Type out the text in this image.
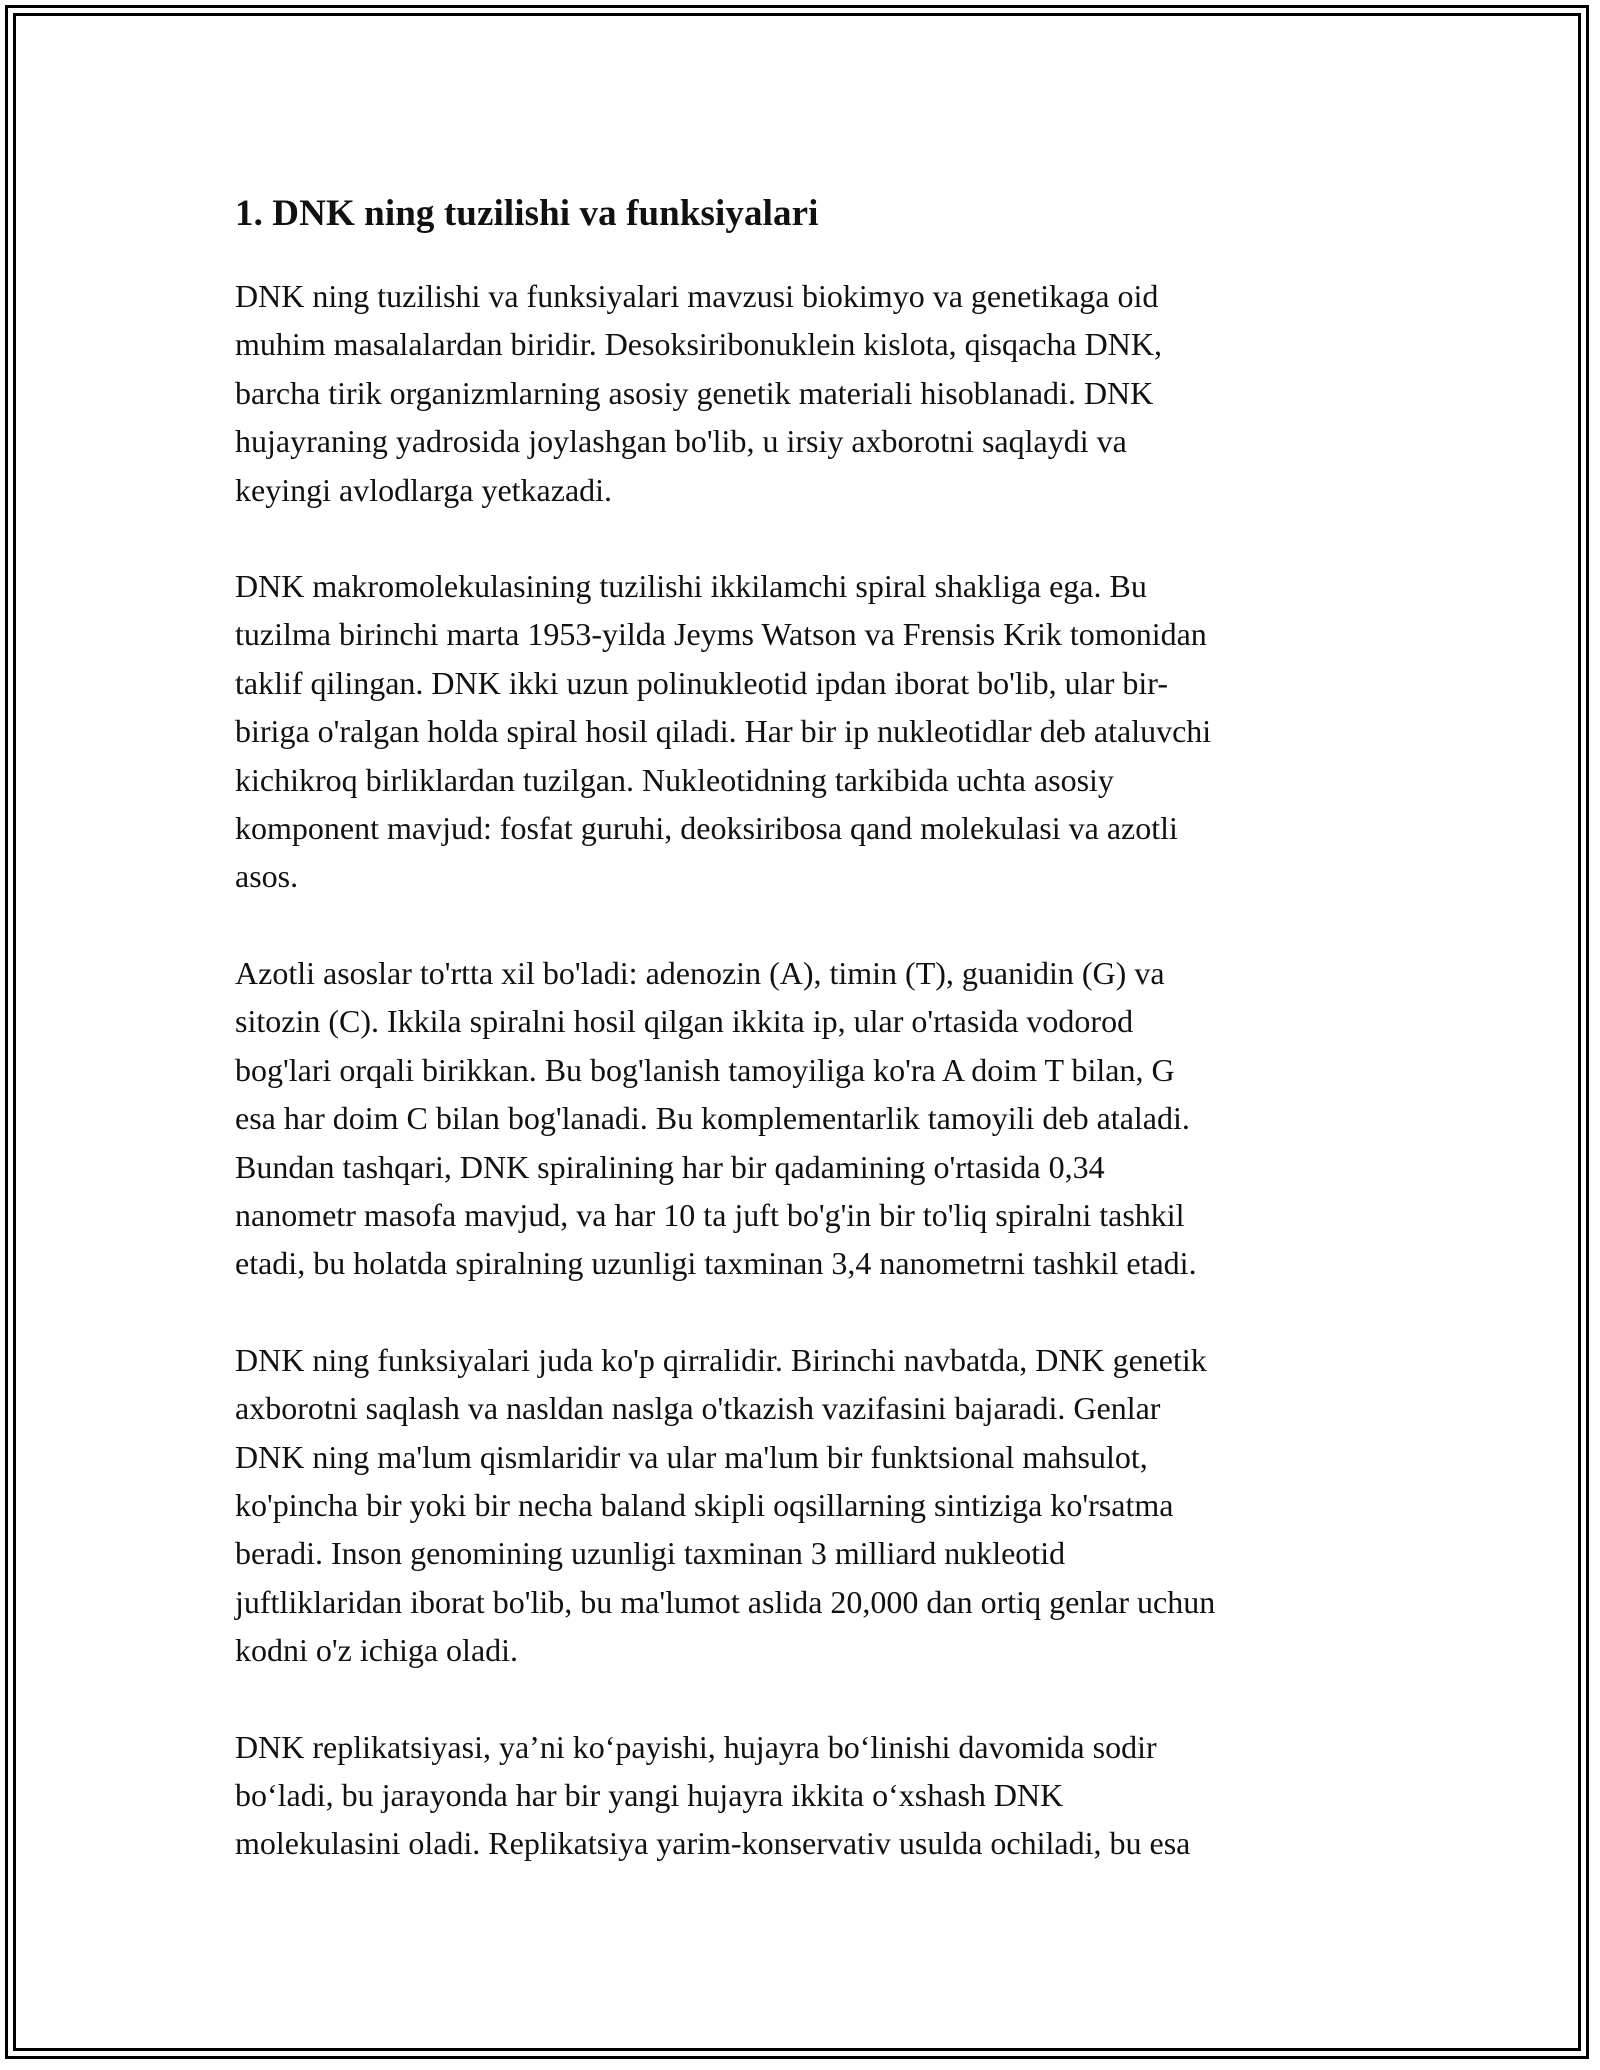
1. DNK ning tuzilishi va funksiyalari

DNK ning tuzilishi va funksiyalari mavzusi biokimyo va genetikaga oid
muhim masalalardan biridir. Desoksiribonuklein kislota, qisqacha DNK,
barcha tirik organizmlarning asosiy genetik materiali hisoblanadi. DNK
hujayraning yadrosida joylashgan bo'lib, u irsiy axborotni saqlaydi va
keyingi avlodlarga yetkazadi.

DNK makromolekulasining tuzilishi ikkilamchi spiral shakliga ega. Bu
tuzilma birinchi marta 1953-yilda Jeyms Watson va Frensis Krik tomonidan
taklif qilingan. DNK ikki uzun polinukleotid ipdan iborat bo'lib, ular bir-
biriga o'ralgan holda spiral hosil qiladi. Har bir ip nukleotidlar deb ataluvchi
kichikroq birliklardan tuzilgan. Nukleotidning tarkibida uchta asosiy
komponent mavjud: fosfat guruhi, deoksiribosa qand molekulasi va azotli
asos.

Azotli asoslar to'rtta xil bo'ladi: adenozin (A), timin (T), guanidin (G) va
sitozin (C). Ikkila spiralni hosil qilgan ikkita ip, ular o'rtasida vodorod
bog'lari orqali birikkan. Bu bog'lanish tamoyiliga ko'ra A doim T bilan, G
esa har doim C bilan bog'lanadi. Bu komplementarlik tamoyili deb ataladi.
Bundan tashqari, DNK spiralining har bir qadamining o'rtasida 0,34
nanometr masofa mavjud, va har 10 ta juft bo'g'in bir to'liq spiralni tashkil
etadi, bu holatda spiralning uzunligi taxminan 3,4 nanometrni tashkil etadi.

DNK ning funksiyalari juda ko'p qirralidir. Birinchi navbatda, DNK genetik
axborotni saqlash va nasldan naslga o'tkazish vazifasini bajaradi. Genlar
DNK ning ma'lum qismlaridir va ular ma'lum bir funktsional mahsulot,
ko'pincha bir yoki bir necha baland skipli oqsillarning sintiziga ko'rsatma
beradi. Inson genomining uzunligi taxminan 3 milliard nukleotid
juftliklaridan iborat bo'lib, bu ma'lumot aslida 20,000 dan ortiq genlar uchun
kodni o'z ichiga oladi.

DNK replikatsiyasi, ya’ni ko‘payishi, hujayra bo‘linishi davomida sodir
bo‘ladi, bu jarayonda har bir yangi hujayra ikkita o‘xshash DNK
molekulasini oladi. Replikatsiya yarim-konservativ usulda ochiladi, bu esa
